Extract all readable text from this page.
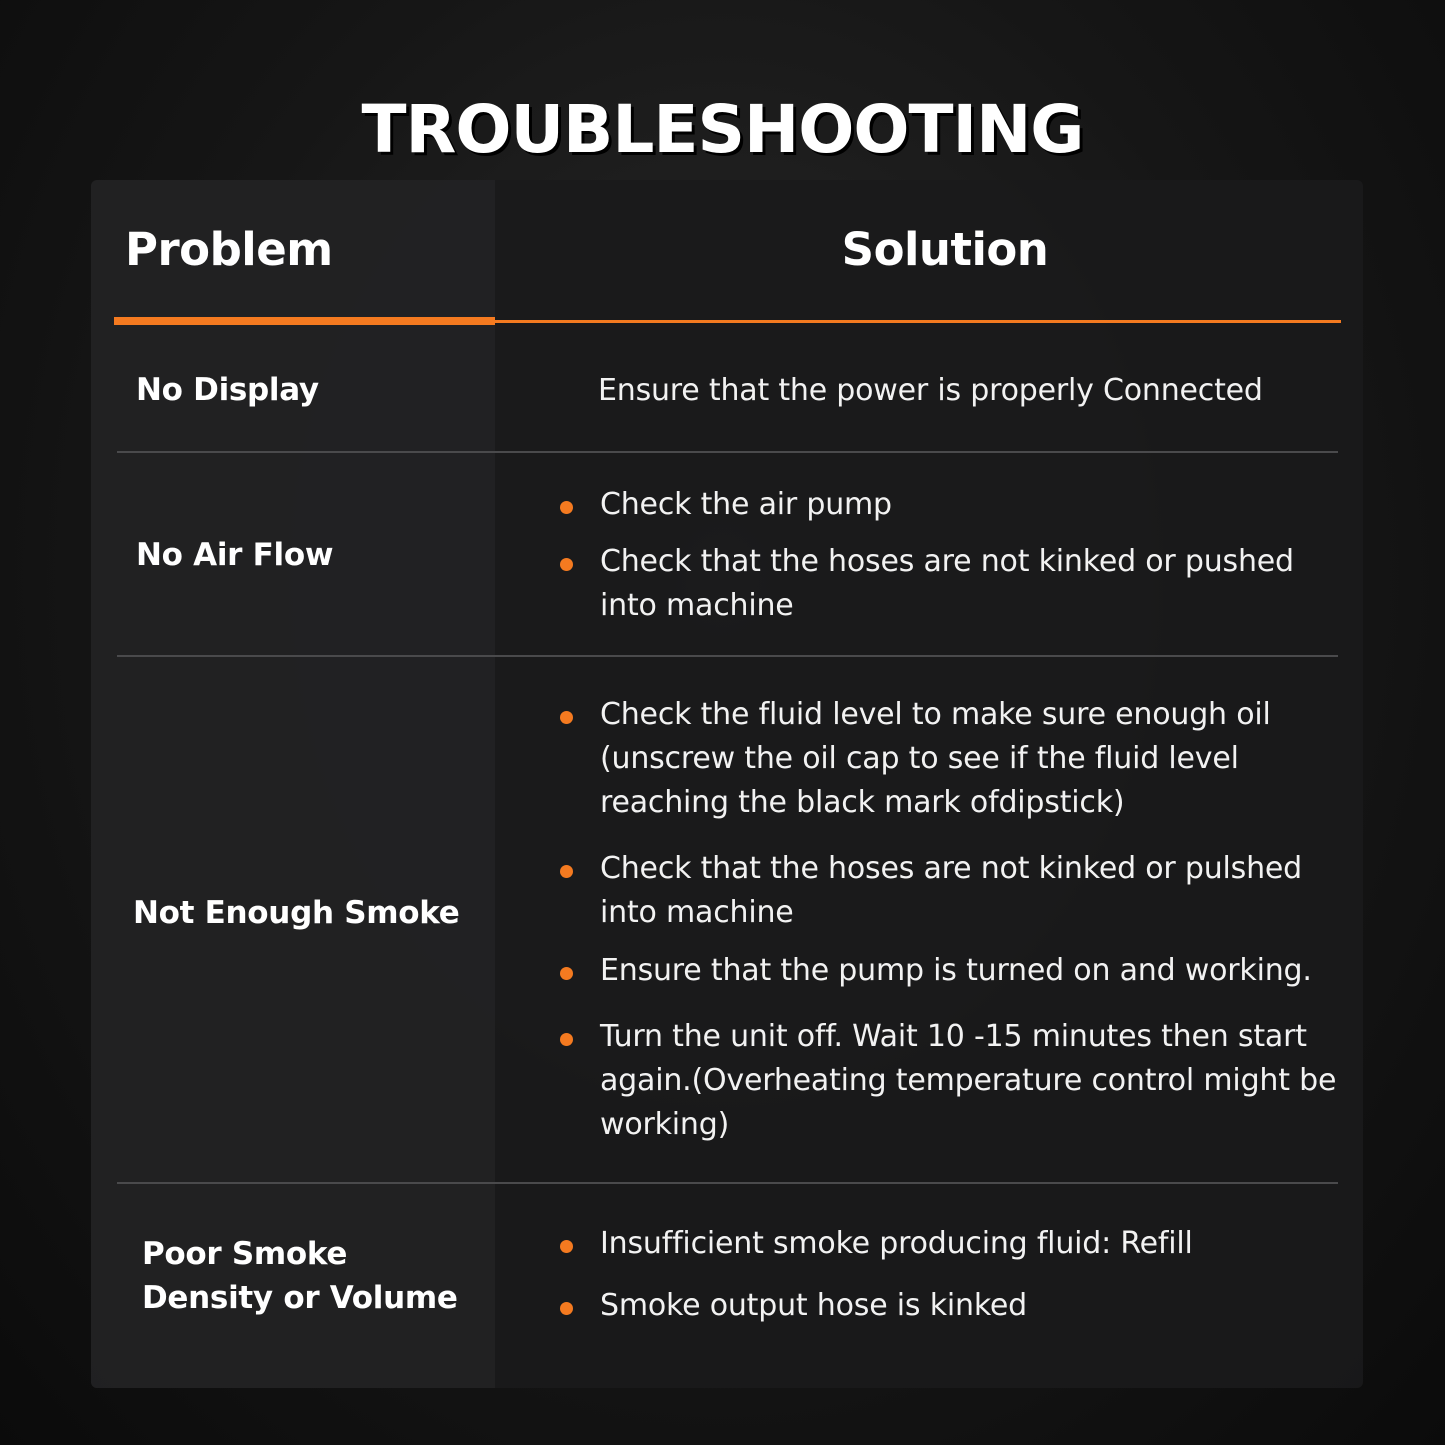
TROUBLESHOOTING
Problem	Solution
No Display	Ensure that the power is properly Connected
No Air Flow
Check the air pump
Check that the hoses are not kinked or pushed into machine
Not Enough Smoke
Check the fluid level to make sure enough oil (unscrew the oil cap to see if the fluid level reaching the black mark ofdipstick)
Check that the hoses are not kinked or pulshed into machine
Ensure that the pump is turned on and working.
Turn the unit off. Wait 10 -15 minutes then start again.(Overheating temperature control might be working)
Poor Smoke Density or Volume
Insufficient smoke producing fluid: Refill
Smoke output hose is kinked
